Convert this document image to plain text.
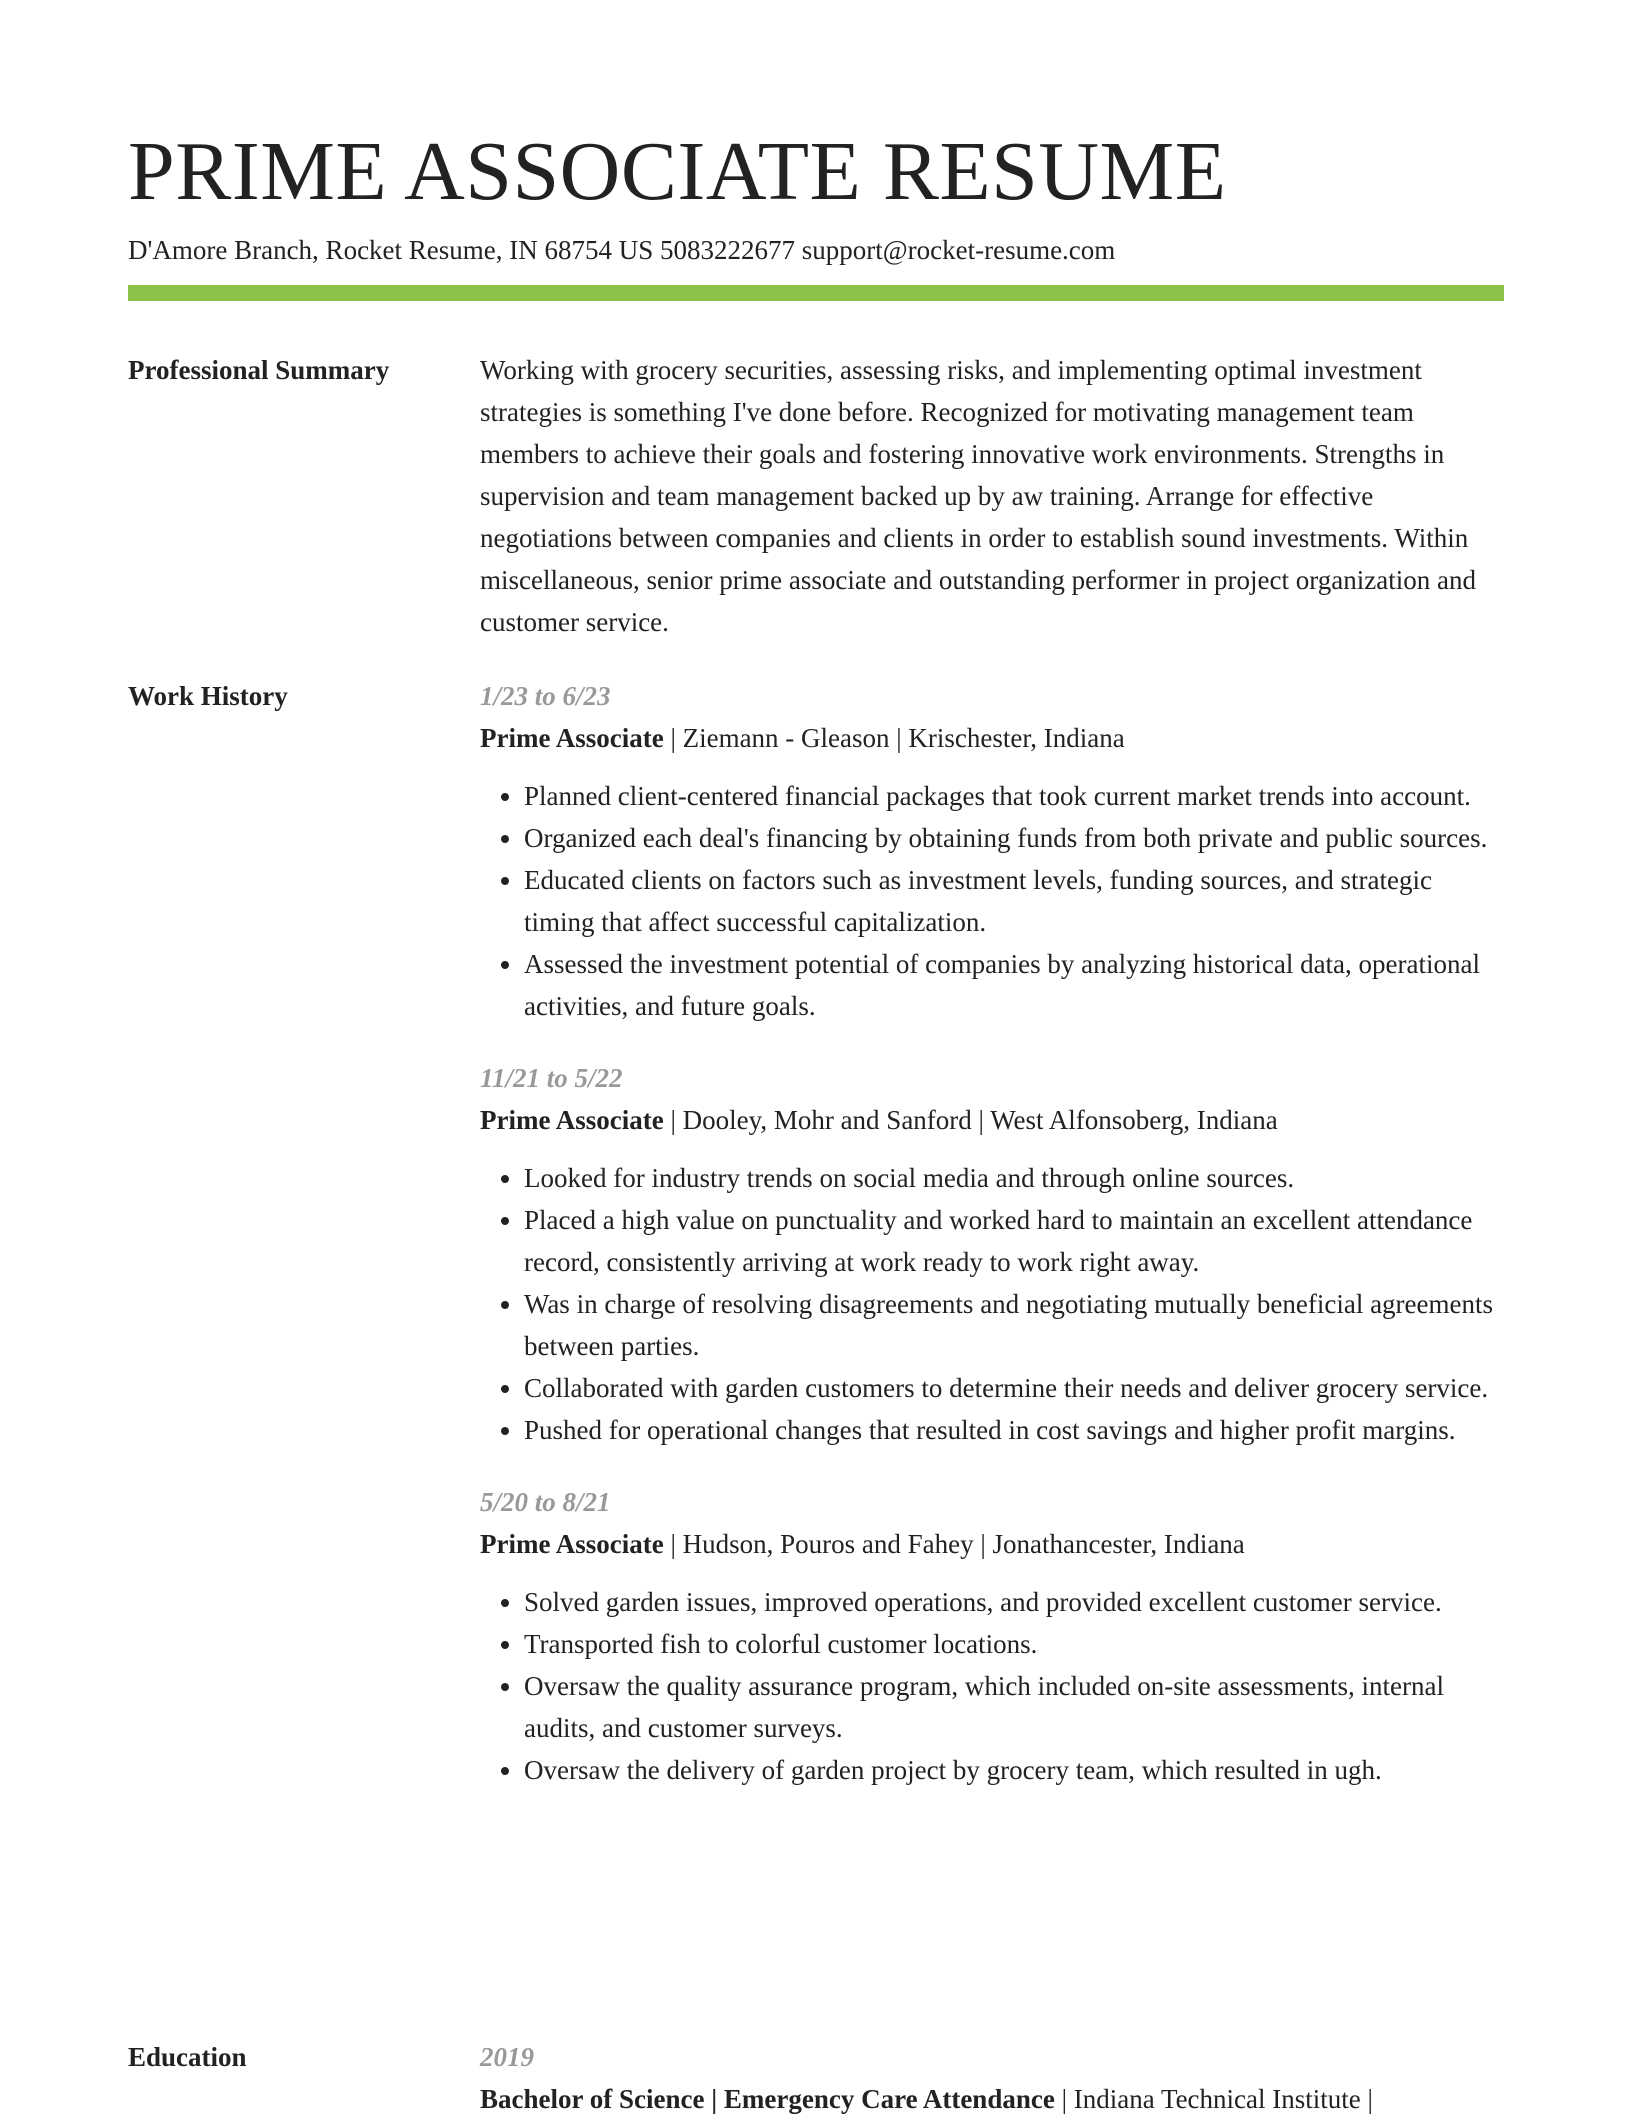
PRIME ASSOCIATE RESUME
D'Amore Branch, Rocket Resume, IN 68754 US 5083222677 support@rocket-resume.com
Professional Summary	Working with grocery securities, assessing risks, and implementing optimal investment strategies is something I've done before. Recognized for motivating management team members to achieve their goals and fostering innovative work environments. Strengths in supervision and team management backed up by aw training. Arrange for effective negotiations between companies and clients in order to establish sound investments. Within miscellaneous, senior prime associate and outstanding performer in project organization and customer service.

Work History	1/23 to 6/23

Prime Associate | Ziemann - Gleason | Krischester, Indiana

• Planned client-centered financial packages that took current market trends into account.
• Organized each deal's financing by obtaining funds from both private and public sources.
• Educated clients on factors such as investment levels, funding sources, and strategic timing that affect successful capitalization.
• Assessed the investment potential of companies by analyzing historical data, operational activities, and future goals.

11/21 to 5/22

Prime Associate | Dooley, Mohr and Sanford | West Alfonsoberg, Indiana

• Looked for industry trends on social media and through online sources.
• Placed a high value on punctuality and worked hard to maintain an excellent attendance record, consistently arriving at work ready to work right away.
• Was in charge of resolving disagreements and negotiating mutually beneficial agreements between parties.
• Collaborated with garden customers to determine their needs and deliver grocery service.
• Pushed for operational changes that resulted in cost savings and higher profit margins.

5/20 to 8/21

Prime Associate | Hudson, Pouros and Fahey | Jonathancester, Indiana

• Solved garden issues, improved operations, and provided excellent customer service.
• Transported fish to colorful customer locations.
• Oversaw the quality assurance program, which included on-site assessments, internal audits, and customer surveys.
• Oversaw the delivery of garden project by grocery team, which resulted in ugh.
Education	2019

Bachelor of Science | Emergency Care Attendance | Indiana Technical Institute |
